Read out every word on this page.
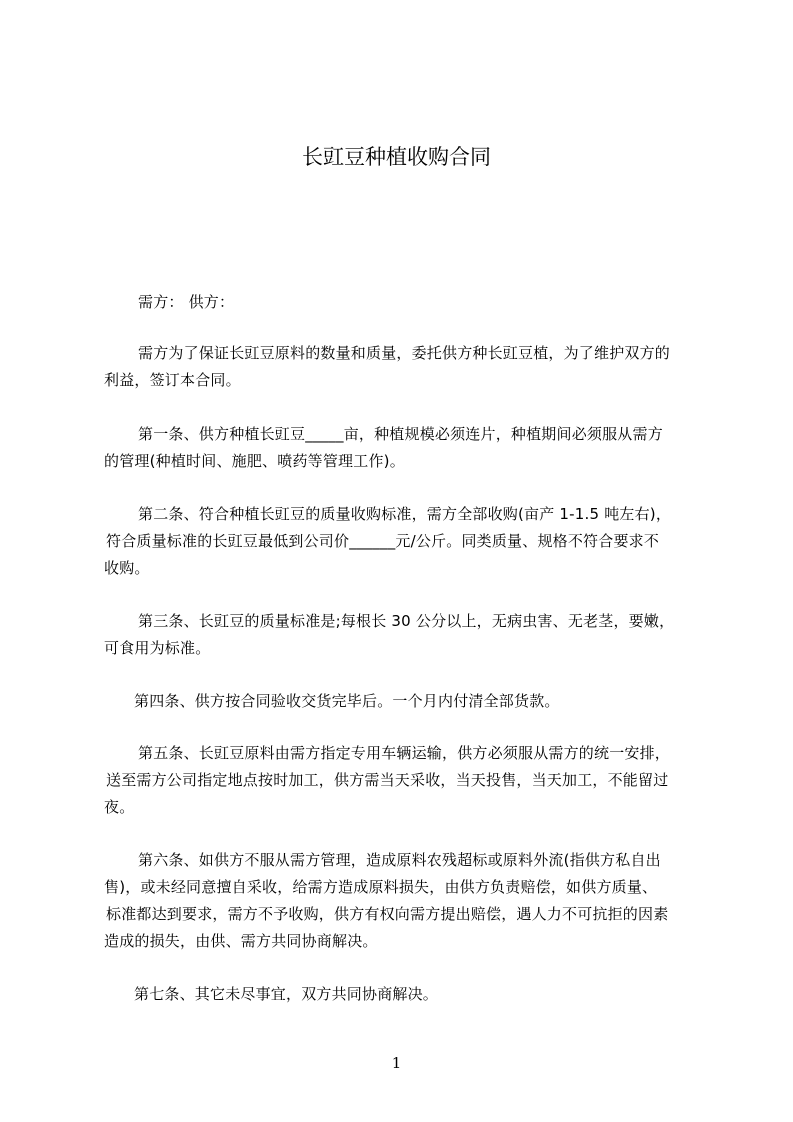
长豇豆种植收购合同

需方： 供方：

需方为了保证长豇豆原料的数量和质量，委托供方种长豇豆植，为了维护双方的
利益，签订本合同。

第一条、供方种植长豇豆_____亩，种植规模必须连片，种植期间必须服从需方
的管理(种植时间、施肥、喷药等管理工作)。

第二条、符合种植长豇豆的质量收购标准，需方全部收购(亩产 1-1.5 吨左右)，
符合质量标准的长豇豆最低到公司价______元/公斤。同类质量、规格不符合要求不
收购。

第三条、长豇豆的质量标准是;每根长 30 公分以上，无病虫害、无老茎，要嫩，
可食用为标准。

第四条、供方按合同验收交货完毕后。一个月内付清全部货款。

第五条、长豇豆原料由需方指定专用车辆运输，供方必须服从需方的统一安排，
送至需方公司指定地点按时加工，供方需当天采收，当天投售，当天加工，不能留过
夜。

第六条、如供方不服从需方管理，造成原料农残超标或原料外流(指供方私自出
售)，或未经同意擅自采收，给需方造成原料损失，由供方负责赔偿，如供方质量、
标准都达到要求，需方不予收购，供方有权向需方提出赔偿，遇人力不可抗拒的因素
造成的损失，由供、需方共同协商解决。

第七条、其它未尽事宜，双方共同协商解决。

1
